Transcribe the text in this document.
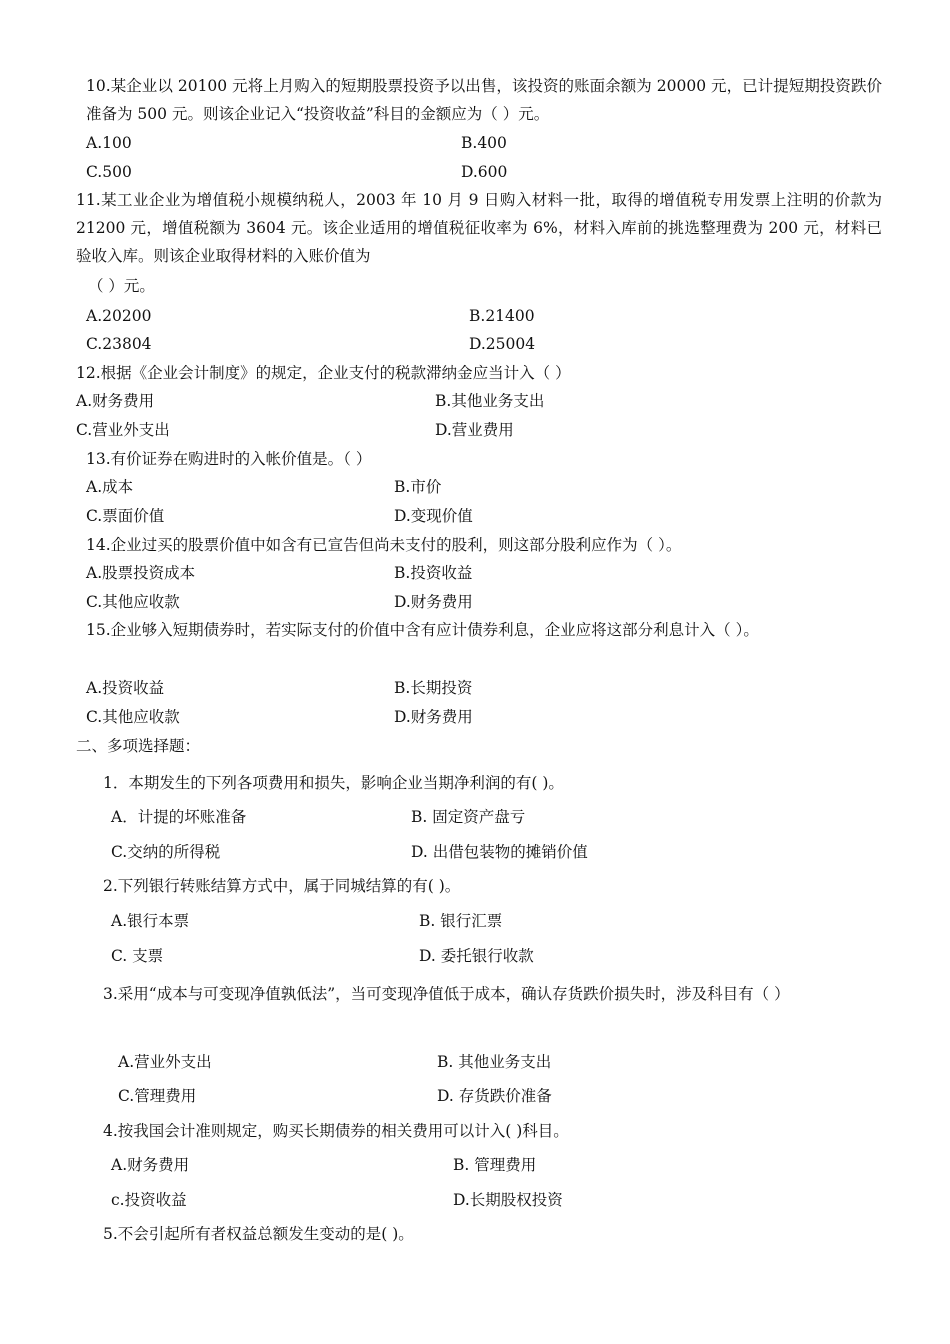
10.某企业以 20100 元将上月购入的短期股票投资予以出售，该投资的账面余额为 20000 元，已计提短期投资跌价准备为 500 元。则该企业记入“投资收益”科目的金额应为（ ）元。
A.100	B.400
C.500	D.600
11.某工业企业为增值税小规模纳税人，2003 年 10 月 9 日购入材料一批，取得的增值税专用发票上注明的价款为 21200 元，增值税额为 3604 元。该企业适用的增值税征收率为 6%，材料入库前的挑选整理费为 200 元，材料已验收入库。则该企业取得材料的入账价值为
（ ）元。
A.20200	B.21400
C.23804	D.25004
12.根据《企业会计制度》的规定，企业支付的税款滞纳金应当计入（ ）
A.财务费用	B.其他业务支出
C.营业外支出	D.营业费用
13.有价证券在购进时的入帐价值是。（ ）
A.成本	B.市价
C.票面价值	D.变现价值
14.企业过买的股票价值中如含有已宣告但尚未支付的股利，则这部分股利应作为（ ）。
A.股票投资成本	B.投资收益
C.其他应收款	D.财务费用
15.企业够入短期债券时，若实际支付的价值中含有应计债券利息，企业应将这部分利息计入（ ）。
A.投资收益	B.长期投资
C.其他应收款	D.财务费用
二、多项选择题：
1．本期发生的下列各项费用和损失，影响企业当期净利润的有( )。
A．计提的坏账准备	B. 固定资产盘亏
C.交纳的所得税	D. 出借包装物的摊销价值
2.下列银行转账结算方式中，属于同城结算的有( )。
A.银行本票	B. 银行汇票
C. 支票	D. 委托银行收款
3.采用“成本与可变现净值孰低法”，当可变现净值低于成本，确认存货跌价损失时，涉及科目有（ ）
A.营业外支出	B. 其他业务支出
C.管理费用	D. 存货跌价准备
4.按我国会计准则规定，购买长期债券的相关费用可以计入( )科目。
A.财务费用	B. 管理费用
c.投资收益	D.长期股权投资
5.不会引起所有者权益总额发生变动的是( )。
